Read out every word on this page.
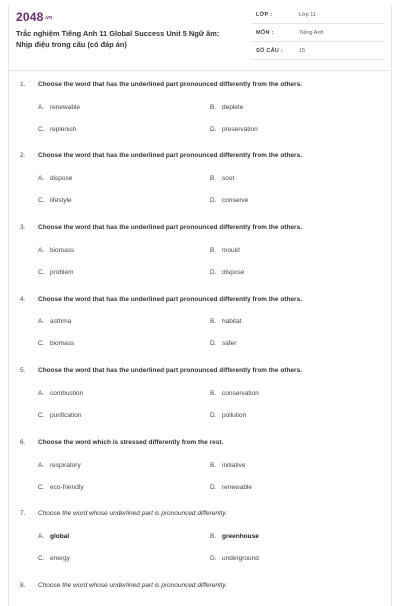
$2048^{.vn}$
Trắc nghiệm Tiếng Anh 11 Global Success Unit 5 Ngữ âm: Nhịp điệu trong câu (có đáp án)
LỚP :	Lớp 11
MÔN :	Tiếng Anh
SỐ CÂU :	15
1. Choose the word that has the underlined part pronounced differently from the others.
A. renewable	B. deplete
C. replenish	D. preservation
2. Choose the word that has the underlined part pronounced differently from the others.
A. dispose	B. soot
C. lifestyle	D. conserve
3. Choose the word that has the underlined part pronounced differently from the others.
A. biomass	B. mould
C. problem	D. dispose
4. Choose the word that has the underlined part pronounced differently from the others.
A. asthma	B. habitat
C. biomass	D. safer
5. Choose the word that has the underlined part pronounced differently from the others.
A. combustion	B. conservation
C. purification	D. pollution
6. Choose the word which is stressed differently from the rest.
A. respiratory	B. initiative
C. eco-friendly	D. renewable
7. Choose the word whose underlined part is pronounced differently.
A. global	B. greenhouse
C. energy	D. underground
8. Choose the word whose underlined part is pronounced differently.
